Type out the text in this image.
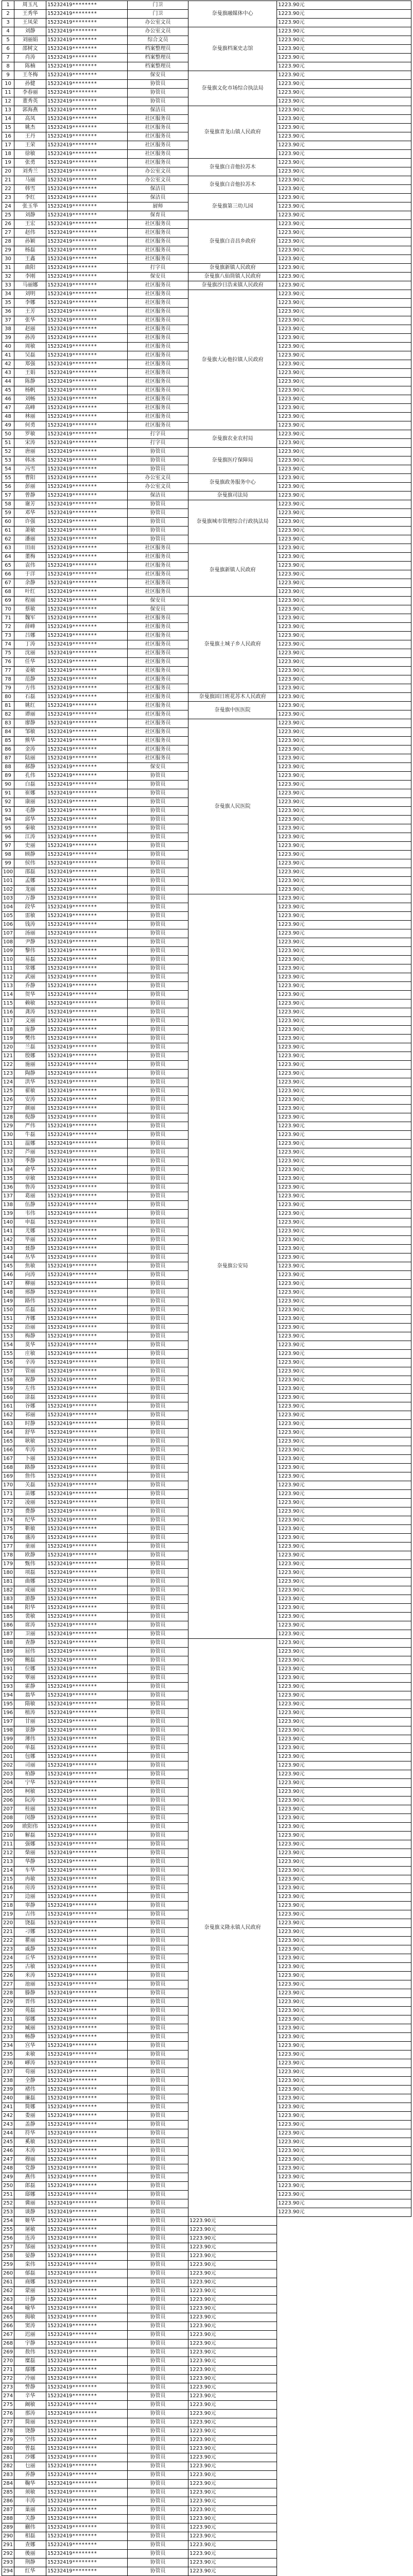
1	周玉凡	15232419********	门卫	奈曼旗融媒体中心	1223.90元
2	王秀华	15232419********	门卫		1223.90元
3	王凤荣	15232419********	办公室文员		1223.90元
4	刘静	15232419********	办公室文员	奈曼旗档案史志馆	1223.90元
5	刘丽娟	15232419********	综合文员		1223.90元
6	邵树文	15232419********	档案整理员		1223.90元
7	肖涛	15232419********	档案整理员		1223.90元
8	陈楠	15232419********	档案整理员		1223.90元
9	王冬梅	15232419********	保安员	奈曼旗文化市场综合执法局	1223.90元
10	孙健	15232419********	协管员		1223.90元
11	李春丽	15232419********	协管员		1223.90元
12	董秀英	15232419********	协管员		1223.90元
13	郭海燕	15232419********	保洁员	奈曼旗青龙山镇人民政府	1223.90元
14	高凤	15232419********	社区服务员		1223.90元
15	姚杰	15232419********	社区服务员		1223.90元
16	王丹	15232419********	社区服务员		1223.90元
17	王荣	15232419********	社区服务员		1223.90元
18	徐敏	15232419********	社区服务员		1223.90元
19	张勇	15232419********	社区服务员	奈曼旗白音他拉苏木	1223.90元
20	刘秀兰	15232419********	办公室文员		1223.90元
21	马丽	15232419********	办公室文员	奈曼旗白音他拉苏木	1223.90元
22	韩雪	15232419********	保洁员		1223.90元
23	李红	15232419********	保洁员	奈曼旗第三幼儿园	1223.90元
24	张玉华	15232419********	厨师		1223.90元
25	刘静	15232419********	保育员		1223.90元
26	王宏	15232419********	社区服务员	奈曼旗白音昌乡政府	1223.90元
27	赵伟	15232419********	社区服务员		1223.90元
28	孙颖	15232419********	社区服务员		1223.90元
29	杨磊	15232419********	社区服务员		1223.90元
30	王鑫	15232419********	社区服务员		1223.90元
31	曲阳	15232419********	打字员	奈曼旗新镇人民政府	1223.90元
32	李刚	15232419********	保安员	奈曼旗八仙筒镇人民政府	1223.90元
33	马丽娜	15232419********	社区服务员	奈曼旗沙日浩来镇人民政府	1223.90元
34	刘明	15232419********	社区服务员	奈曼旗大沁他拉镇人民政府	1223.90元
35	李娜	15232419********	社区服务员		1223.90元
36	王芳	15232419********	社区服务员		1223.90元
37	张华	15232419********	社区服务员		1223.90元
38	赵丽	15232419********	社区服务员		1223.90元
39	孙涛	15232419********	社区服务员		1223.90元
40	周敏	15232419********	社区服务员		1223.90元
41	吴磊	15232419********	社区服务员		1223.90元
42	郑强	15232419********	社区服务员		1223.90元
43	王娟	15232419********	社区服务员		1223.90元
44	陈静	15232419********	社区服务员		1223.90元
45	杨帆	15232419********	社区服务员		1223.90元
46	刘畅	15232419********	社区服务员		1223.90元
47	高峰	15232419********	社区服务员		1223.90元
48	林丽	15232419********	社区服务员		1223.90元
49	何勇	15232419********	社区服务员		1223.90元
50	罗敏	15232419********	打字员	奈曼旗农业农村局	1223.90元
51	宋涛	15232419********	打字员		1223.90元
52	唐丽	15232419********	协管员	奈曼旗医疗保障局	1223.90元
53	韩冰	15232419********	协管员		1223.90元
54	冯雪	15232419********	协管员		1223.90元
55	曹阳	15232419********	办公室文员	奈曼旗政务服务中心	1223.90元
56	彭丽	15232419********	办公室文员		1223.90元
57	曾静	15232419********	保洁员	奈曼旗司法局	1223.90元
58	谢芳	15232419********	协管员	奈曼旗城市管理综合行政执法局	1223.90元
59	邓华	15232419********	协管员		1223.90元
60	许强	15232419********	协管员		1223.90元
61	萧敏	15232419********	协管员		1223.90元
62	潘丽	15232419********	协管员		1223.90元
63	田雨	15232419********	社区服务员	奈曼旗新镇人民政府	1223.90元
64	董梅	15232419********	社区服务员		1223.90元
65	袁伟	15232419********	社区服务员		1223.90元
66	于洋	15232419********	社区服务员		1223.90元
67	余静	15232419********	社区服务员		1223.90元
68	叶红	15232419********	社区服务员		1223.90元
69	程丽	15232419********	保安员	奈曼旗土城子乡人民政府	1223.90元
70	蔡敏	15232419********	保安员		1223.90元
71	魏军	15232419********	社区服务员		1223.90元
72	薛峰	15232419********	社区服务员		1223.90元
73	吕娜	15232419********	社区服务员		1223.90元
74	丁涛	15232419********	社区服务员		1223.90元
75	沈丽	15232419********	社区服务员		1223.90元
76	任华	15232419********	社区服务员		1223.90元
77	姜敏	15232419********	社区服务员		1223.90元
78	范静	15232419********	社区服务员		1223.90元
79	方伟	15232419********	社区服务员		1223.90元
80	石磊	15232419********	社区服务员	奈曼旗固日班花苏木人民政府	1223.90元
81	姚红	15232419********	社区服务员	奈曼旗中医医院	1223.90元
82	谭丽	15232419********	社区服务员		1223.90元
83	廖静	15232419********	社区服务员	奈曼旗人民医院	1223.90元
84	邹敏	15232419********	社区服务员		1223.90元
85	熊华	15232419********	社区服务员		1223.90元
86	金涛	15232419********	社区服务员		1223.90元
87	陆丽	15232419********	社区服务员		1223.90元
88	郝静	15232419********	保安员		1223.90元
89	孔伟	15232419********	协管员		1223.90元
90	白磊	15232419********	协管员		1223.90元
91	崔娜	15232419********	协管员		1223.90元
92	康丽	15232419********	协管员		1223.90元
93	毛静	15232419********	协管员		1223.90元
94	邱华	15232419********	协管员		1223.90元
95	秦敏	15232419********	协管员		1223.90元
96	江涛	15232419********	协管员		1223.90元
97	史丽	15232419********	协管员		1223.90元
98	顾静	15232419********	协管员		1223.90元
99	侯伟	15232419********	协管员		1223.90元
100	邵磊	15232419********	协管员		1223.90元
101	孟娜	15232419********	协管员		1223.90元
102	龙丽	15232419********	协管员		1223.90元
103	万静	15232419********	协管员	奈曼旗公安局	1223.90元
104	段华	15232419********	协管员		1223.90元
105	雷敏	15232419********	协管员		1223.90元
106	钱涛	15232419********	协管员		1223.90元
107	汤丽	15232419********	协管员		1223.90元
108	尹静	15232419********	协管员		1223.90元
109	黎伟	15232419********	协管员		1223.90元
110	易磊	15232419********	协管员		1223.90元
111	常娜	15232419********	协管员		1223.90元
112	武丽	15232419********	协管员		1223.90元
113	乔静	15232419********	协管员		1223.90元
114	贺华	15232419********	协管员		1223.90元
115	赖敏	15232419********	协管员		1223.90元
116	龚涛	15232419********	协管员		1223.90元
117	文丽	15232419********	协管员		1223.90元
118	庞静	15232419********	协管员		1223.90元
119	樊伟	15232419********	协管员		1223.90元
120	兰磊	15232419********	协管员		1223.90元
121	殷娜	15232419********	协管员		1223.90元
122	施丽	15232419********	协管员		1223.90元
123	陶静	15232419********	协管员		1223.90元
124	洪华	15232419********	协管员		1223.90元
125	翟敏	15232419********	协管员		1223.90元
126	安涛	15232419********	协管员		1223.90元
127	颜丽	15232419********	协管员		1223.90元
128	倪静	15232419********	协管员		1223.90元
129	严伟	15232419********	协管员		1223.90元
130	牛磊	15232419********	协管员		1223.90元
131	温娜	15232419********	协管员		1223.90元
132	芦丽	15232419********	协管员		1223.90元
133	季静	15232419********	协管员		1223.90元
134	俞华	15232419********	协管员		1223.90元
135	章敏	15232419********	协管员		1223.90元
136	鲁涛	15232419********	协管员		1223.90元
137	葛丽	15232419********	协管员		1223.90元
138	伍静	15232419********	协管员		1223.90元
139	韦伟	15232419********	协管员		1223.90元
140	申磊	15232419********	协管员		1223.90元
141	尤娜	15232419********	协管员		1223.90元
142	毕丽	15232419********	协管员		1223.90元
143	聂静	15232419********	协管员		1223.90元
144	丛华	15232419********	协管员		1223.90元
145	焦敏	15232419********	协管员		1223.90元
146	向涛	15232419********	协管员		1223.90元
147	柳丽	15232419********	协管员		1223.90元
148	邢静	15232419********	协管员		1223.90元
149	路伟	15232419********	协管员		1223.90元
150	岳磊	15232419********	协管员		1223.90元
151	齐娜	15232419********	协管员		1223.90元
152	沿丽	15232419********	协管员		1223.90元
153	梅静	15232419********	协管员		1223.90元
154	莫华	15232419********	协管员		1223.90元
155	庄敏	15232419********	协管员		1223.90元
156	辛涛	15232419********	协管员		1223.90元
157	管丽	15232419********	协管员		1223.90元
158	祝静	15232419********	协管员		1223.90元
159	左伟	15232419********	协管员		1223.90元
160	涂磊	15232419********	协管员		1223.90元
161	谷娜	15232419********	协管员		1223.90元
162	祁丽	15232419********	协管员		1223.90元
163	时静	15232419********	协管员		1223.90元
164	舒华	15232419********	协管员		1223.90元
165	耿敏	15232419********	协管员		1223.90元
166	牟涛	15232419********	协管员		1223.90元
167	卜丽	15232419********	协管员		1223.90元
168	路静	15232419********	协管员		1223.90元
169	詹伟	15232419********	协管员		1223.90元
170	关磊	15232419********	协管员		1223.90元
171	苗娜	15232419********	协管员		1223.90元
172	凌丽	15232419********	协管员		1223.90元
173	费静	15232419********	协管员		1223.90元
174	纪华	15232419********	协管员		1223.90元
175	靳敏	15232419********	协管员		1223.90元
176	盛涛	15232419********	协管员		1223.90元
177	童丽	15232419********	协管员		1223.90元
178	欧静	15232419********	协管员		1223.90元
179	甄伟	15232419********	协管员		1223.90元
180	项磊	15232419********	协管员		1223.90元
181	曲娜	15232419********	协管员		1223.90元
182	成丽	15232419********	协管员		1223.90元
183	游静	15232419********	协管员		1223.90元
184	阳华	15232419********	协管员		1223.90元
185	裴敏	15232419********	协管员		1223.90元
186	席涛	15232419********	协管员		1223.90元
187	卫丽	15232419********	协管员		1223.90元
188	查静	15232419********	协管员	奈曼旗义隆永镇人民政府	1223.90元
189	屈伟	15232419********	协管员		1223.90元
190	鲍磊	15232419********	协管员		1223.90元
191	位娜	15232419********	协管员		1223.90元
192	覃丽	15232419********	协管员		1223.90元
193	霍静	15232419********	协管员		1223.90元
194	翁华	15232419********	协管员		1223.90元
195	隋敏	15232419********	协管员		1223.90元
196	植涛	15232419********	协管员		1223.90元
197	甘丽	15232419********	协管员		1223.90元
198	景静	15232419********	协管员		1223.90元
199	薄伟	15232419********	协管员		1223.90元
200	单磊	15232419********	协管员		1223.90元
201	包娜	15232419********	协管员		1223.90元
202	司丽	15232419********	协管员		1223.90元
203	柏静	15232419********	协管员		1223.90元
204	宁华	15232419********	协管员		1223.90元
205	柯敏	15232419********	协管员		1223.90元
206	阮涛	15232419********	协管员		1223.90元
207	桂丽	15232419********	协管员		1223.90元
208	闵静	15232419********	协管员		1223.90元
209	欧阳伟	15232419********	协管员		1223.90元
210	解磊	15232419********	协管员		1223.90元
211	强娜	15232419********	协管员		1223.90元
212	柴丽	15232419********	协管员		1223.90元
213	华静	15232419********	协管员		1223.90元
214	车华	15232419********	协管员		1223.90元
215	冉敏	15232419********	协管员		1223.90元
216	房涛	15232419********	协管员		1223.90元
217	边丽	15232419********	协管员		1223.90元
218	辜静	15232419********	协管员		1223.90元
219	吉伟	15232419********	协管员		1223.90元
220	饶磊	15232419********	协管员		1223.90元
221	刁娜	15232419********	协管员		1223.90元
222	瞿丽	15232419********	协管员		1223.90元
223	戚静	15232419********	协管员		1223.90元
224	丘华	15232419********	协管员		1223.90元
225	古敏	15232419********	协管员		1223.90元
226	米涛	15232419********	协管员		1223.90元
227	池丽	15232419********	协管员		1223.90元
228	滕静	15232419********	协管员		1223.90元
229	晋伟	15232419********	协管员		1223.90元
230	苑磊	15232419********	协管员		1223.90元
231	邬娜	15232419********	协管员		1223.90元
232	臧丽	15232419********	协管员		1223.90元
233	畅静	15232419********	协管员		1223.90元
234	宫华	15232419********	协管员		1223.90元
235	来敏	15232419********	协管员		1223.90元
236	嵺涛	15232419********	协管员		1223.90元
237	苟丽	15232419********	协管员		1223.90元
238	全静	15232419********	协管员		1223.90元
239	褚伟	15232419********	协管员		1223.90元
240	廉磊	15232419********	协管员		1223.90元
241	简娜	15232419********	协管员		1223.90元
242	娄丽	15232419********	协管员		1223.90元
243	盖静	15232419********	协管员		1223.90元
244	符华	15232419********	协管员		1223.90元
245	奚敏	15232419********	协管员		1223.90元
246	木涛	15232419********	协管员		1223.90元
247	穆丽	15232419********	协管员		1223.90元
248	党静	15232419********	协管员		1223.90元
249	燕伟	15232419********	协管员		1223.90元
250	郎磊	15232419********	协管员		1223.90元
251	邸娜	15232419********	协管员		1223.90元
252	冀丽	15232419********	协管员		1223.90元
253	谈静	15232419********	协管员		1223.90元
254	姬华	15232419********	协管员	1223.90元	
255	屠敏	15232419********	协管员	1223.90元	
256	连涛	15232419********	协管员	1223.90元	
257	郜丽	15232419********	协管员	1223.90元	
258	晏静	15232419********	协管员	1223.90元	
259	栾伟	15232419********	协管员	1223.90元	
260	郁磊	15232419********	协管员	1223.90元	
261	商娜	15232419********	协管员	1223.90元	
262	蒙丽	15232419********	协管员	1223.90元	
263	计静	15232419********	协管员	1223.90元	
264	喻华	15232419********	协管员	1223.90元	
265	揭敏	15232419********	协管员	1223.90元	
266	窦涛	15232419********	协管员	1223.90元	
267	迟丽	15232419********	协管员	1223.90元	
268	宇静	15232419********	协管员	1223.90元	
269	敖伟	15232419********	协管员	1223.90元	
270	糜磊	15232419********	协管员	1223.90元	
271	鄢娜	15232419********	协管员	1223.90元	
272	冷丽	15232419********	协管员	1223.90元	
273	訾静	15232419********	协管员	1223.90元	
274	辛华	15232419********	协管员	1223.90元	
275	阚敏	15232419********	协管员	1223.90元	
276	那涛	15232419********	协管员	1223.90元	
277	简丽	15232419********	协管员	1223.90元	
278	饶静	15232419********	协管员	1223.90元	
279	空伟	15232419********	协管员	1223.90元	
280	曾磊	15232419********	协管员	1223.90元	
281	沙娜	15232419********	协管员	1223.90元	
282	乜丽	15232419********	协管员	1223.90元	
283	养静	15232419********	协管员	1223.90元	
284	鞠华	15232419********	协管员	1223.90元	
285	须敏	15232419********	协管员	1223.90元	
286	丰涛	15232419********	协管员	1223.90元	
287	巢丽	15232419********	协管员	1223.90元	
288	关静	15232419********	协管员	1223.90元	
289	蒯伟	15232419********	协管员	1223.90元	
290	相磊	15232419********	协管员	1223.90元	
291	查娜	15232419********	协管员	1223.90元	
292	後丽	15232419********	协管员	1223.90元	
293	荆静	15232419********	协管员	1223.90元	
294	红华	15232419********	协管员	1223.90元	
